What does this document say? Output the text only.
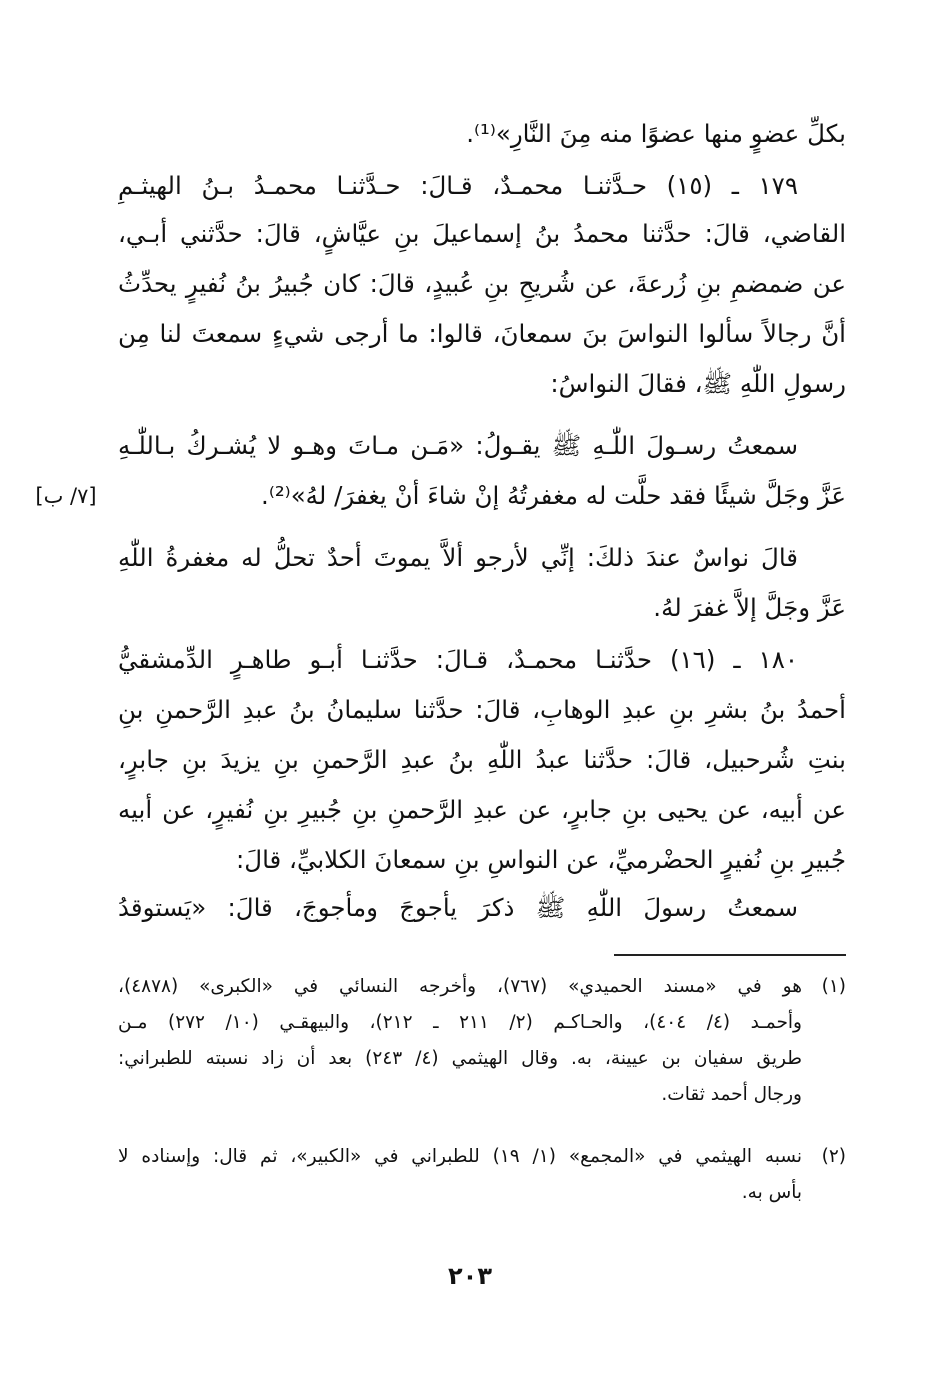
بكلِّ عضوٍ منها عضوًا منه مِنَ النَّارِ»⁽¹⁾.
١٧٩ ـ (١٥) حـدَّثنـا محمـدٌ، قـالَ: حـدَّثنـا محمـدُ بـنُ الهيثـمِ
القاضي، قالَ: حدَّثنا محمدُ بنُ إسماعيلَ بنِ عيَّاشٍ، قالَ: حدَّثني أبـي،
عن ضمضمِ بنِ زُرعةَ، عن شُريحِ بنِ عُبيدٍ، قالَ: كان جُبيرُ بنُ نُفيرٍ يحدِّثُ
أنَّ رجالاً سألوا النواسَ بنَ سمعانَ، قالوا: ما أرجى شيءٍ سمعتَ لنا مِن
رسولِ اللّٰهِ ﷺ، فقالَ النواسُ:
سمعتُ رسـولَ اللّٰـهِ ﷺ يقـولُ: «مَـن مـاتَ وهـو لا يُشـركُ بـاللّٰـهِ
عَزَّ وجَلَّ شيئًا فقد حلَّت له مغفرتُهُ إنْ شاءَ أنْ يغفرَ/ لهُ»⁽²⁾.
قالَ نواسٌ عندَ ذلكَ: إنِّي لأرجو ألاَّ يموتَ أحدٌ تحلُّ له مغفرةُ اللّٰهِ
عَزَّ وجَلَّ إلاَّ غفرَ لهُ.
١٨٠ ـ (١٦) حدَّثنـا محمـدٌ، قـالَ: حدَّثنـا أبـو طاهـرٍ الدِّمشقيُّ
أحمدُ بنُ بشرِ بنِ عبدِ الوهابِ، قالَ: حدَّثنا سليمانُ بنُ عبدِ الرَّحمنِ بنِ
بنتِ شُرحبيل، قالَ: حدَّثنا عبدُ اللّٰهِ بنُ عبدِ الرَّحمنِ بنِ يزيدَ بنِ جابرٍ،
عن أبيه، عن يحيى بنِ جابرٍ، عن عبدِ الرَّحمنِ بنِ جُبيرِ بنِ نُفيرٍ، عن أبيه
جُبيرِ بنِ نُفيرٍ الحضْرميِّ، عن النواسِ بنِ سمعانَ الكلابيِّ، قالَ:
سمعتُ رسولَ اللّٰهِ ﷺ ذكرَ يأجوجَ ومأجوجَ، قالَ: «يَستوقدُ
[٧/ ب]
(١)
هو في «مسند الحميدي» (٧٦٧)، وأخرجه النسائي في «الكبرى» (٤٨٧٨)،
وأحمـد (٤/ ٤٠٤)، والحـاكـم (٢/ ٢١١ ـ ٢١٢)، والبيهقـي (١٠/ ٢٧٢) مـن
طريق سفيان بن عيينة، به. وقال الهيثمي (٤/ ٢٤٣) بعد أن زاد نسبته للطبراني:
ورجال أحمد ثقات.
(٢)
نسبه الهيثمي في «المجمع» (١/ ١٩) للطبراني في «الكبير»، ثم قال: وإسناده لا
بأس به.
٢٠٣
